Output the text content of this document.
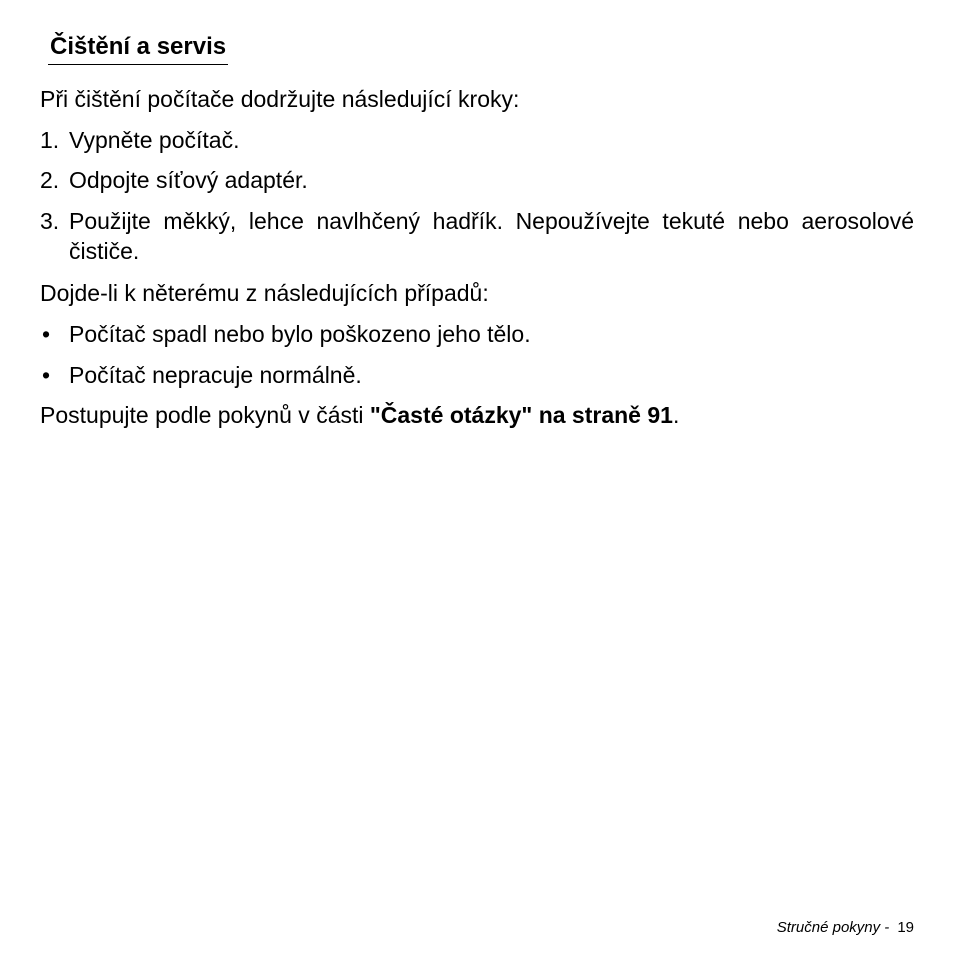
Čištění a servis
Při čištění počítače dodržujte následující kroky:
1. Vypněte počítač.
2. Odpojte síťový adaptér.
3. Použijte měkký, lehce navlhčený hadřík. Nepoužívejte tekuté nebo aerosolové čističe.
Dojde-li k něterému z následujících případů:
• Počítač spadl nebo bylo poškozeno jeho tělo.
• Počítač nepracuje normálně.
Postupujte podle pokynů v části "Časté otázky" na straně 91.
Stručné pokyny - 19
